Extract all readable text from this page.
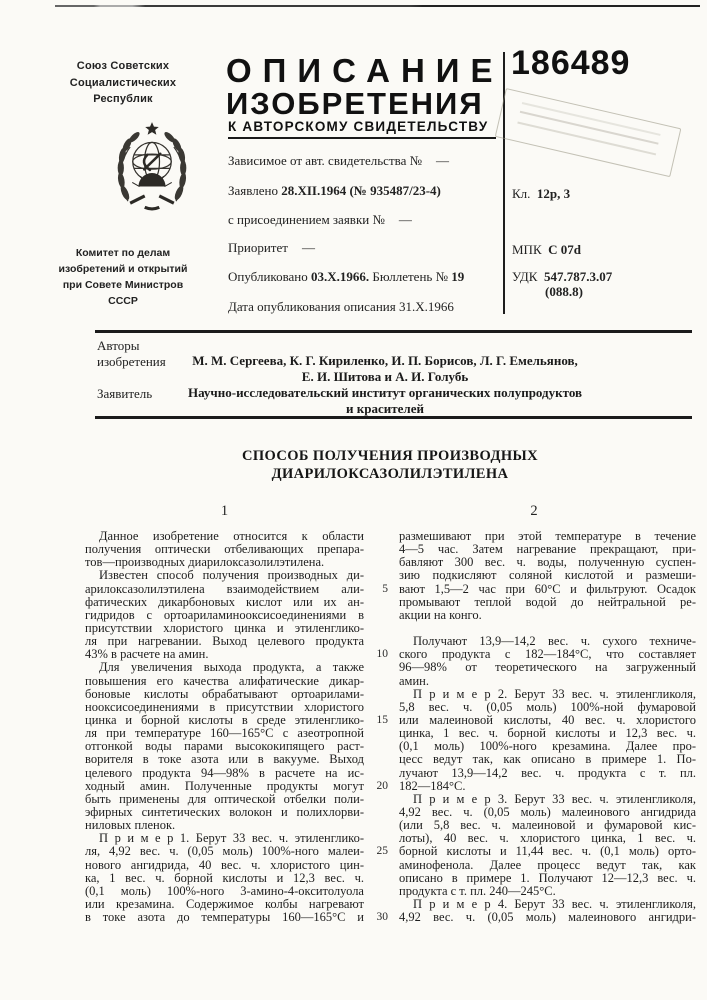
Союз Советских
Социалистических
Республик
Комитет по делам
изобретений и открытий
при Совете Министров
СССР
ОПИСАНИЕ
ИЗОБРЕТЕНИЯ
К АВТОРСКОМУ СВИДЕТЕЛЬСТВУ
Зависимое от авт. свидетельства № —
Заявлено 28.XII.1964 (№ 935487/23-4)
с присоединением заявки № —
Приоритет —
Опубликовано 03.X.1966. Бюллетень № 19
Дата опубликования описания 31.X.1966
186489
Кл. 12p, 3
МПК С 07d
УДК 547.787.3.07
(088.8)
Авторы
изобретения	М. М. Сергеева, К. Г. Кириленко, И. П. Борисов, Л. Г. Емельянов,
Е. И. Шитова и А. И. Голубь
Заявитель	Научно-исследовательский институт органических полупродуктов
и красителей
СПОСОБ ПОЛУЧЕНИЯ ПРОИЗВОДНЫХ
ДИАРИЛОКСАЗОЛИЛЭТИЛЕНА
1	2
Данное изобретение относится к области
получения оптически отбеливающих препара-
тов—производных диарилоксазолилэтилена.
Известен способ получения производных ди-
арилоксазолилэтилена взаимодействием али-
фатических дикарбоновых кислот или их ан-
гидридов с ортоариламинооксисоединениями в
присутствии хлористого цинка и этиленглико-
ля при нагревании. Выход целевого продукта
43% в расчете на амин.
Для увеличения выхода продукта, а также
повышения его качества алифатические дикар-
боновые кислоты обрабатывают ортоарилами-
нооксисоединениями в присутствии хлористого
цинка и борной кислоты в среде этиленглико-
ля при температуре 160—165°С с азеотропной
отгонкой воды парами высококипящего раст-
ворителя в токе азота или в вакууме. Выход
целевого продукта 94—98% в расчете на ис-
ходный амин. Полученные продукты могут
быть применены для оптической отбелки поли-
эфирных синтетических волокон и полихлорви-
ниловых пленок.
П р и м е р 1. Берут 33 вес. ч. этиленглико-
ля, 4,92 вес. ч. (0,05 моль) 100%-ного малеи-
нового ангидрида, 40 вес. ч. хлористого цин-
ка, 1 вес. ч. борной кислоты и 12,3 вес. ч.
(0,1 моль) 100%-ного 3-амино-4-окситолуола
или крезамина. Содержимое колбы нагревают
в токе азота до температуры 160—165°С и
5
10
15
20
25
30
размешивают при этой температуре в течение
4—5 час. Затем нагревание прекращают, при-
бавляют 300 вес. ч. воды, полученную суспен-
зию подкисляют соляной кислотой и размеши-
вают 1,5—2 час при 60°С и фильтруют. Осадок
промывают теплой водой до нейтральной ре-
акции на конго.
Получают 13,9—14,2 вес. ч. сухого техниче-
ского продукта с 182—184°С, что составляет
96—98% от теоретического на загруженный
амин.
П р и м е р 2. Берут 33 вес. ч. этиленгликоля,
5,8 вес. ч. (0,05 моль) 100%-ной фумаровой
или малеиновой кислоты, 40 вес. ч. хлористого
цинка, 1 вес. ч. борной кислоты и 12,3 вес. ч.
(0,1 моль) 100%-ного крезамина. Далее про-
цесс ведут так, как описано в примере 1. По-
лучают 13,9—14,2 вес. ч. продукта с т. пл.
182—184°С.
П р и м е р 3. Берут 33 вес. ч. этиленгликоля,
4,92 вес. ч. (0,05 моль) малеинового ангидрида
(или 5,8 вес. ч. малеиновой и фумаровой кис-
лоты), 40 вес. ч. хлористого цинка, 1 вес. ч.
борной кислоты и 11,44 вес. ч. (0,1 моль) орто-
аминофенола. Далее процесс ведут так, как
описано в примере 1. Получают 12—12,3 вес. ч.
продукта с т. пл. 240—245°С.
П р и м е р 4. Берут 33 вес. ч. этиленгликоля,
4,92 вес. ч. (0,05 моль) малеинового ангидри-
